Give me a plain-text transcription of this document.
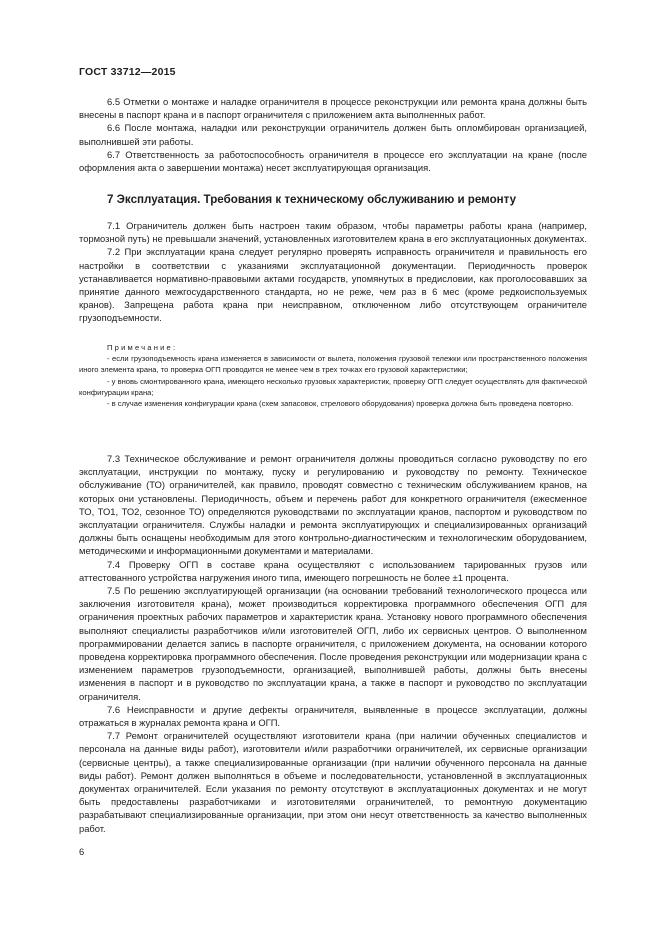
ГОСТ 33712—2015

6.5 Отметки о монтаже и наладке ограничителя в процессе реконструкции или ремонта крана должны быть внесены в паспорт крана и в паспорт ограничителя с приложением акта выполненных работ.

6.6 После монтажа, наладки или реконструкции ограничитель должен быть опломбирован организацией, выполнившей эти работы.

6.7 Ответственность за работоспособность ограничителя в процессе его эксплуатации на кране (после оформления акта о завершении монтажа) несет эксплуатирующая организация.

7 Эксплуатация. Требования к техническому обслуживанию и ремонту

7.1 Ограничитель должен быть настроен таким образом, чтобы параметры работы крана (например, тормозной путь) не превышали значений, установленных изготовителем крана в его эксплуатационных документах.

7.2 При эксплуатации крана следует регулярно проверять исправность ограничителя и правильность его настройки в соответствии с указаниями эксплуатационной документации. Периодичность проверок устанавливается нормативно-правовыми актами государств, упомянутых в предисловии, как проголосовавших за принятие данного межгосударственного стандарта, но не реже, чем раз в 6 мес (кроме редкоиспользуемых кранов). Запрещена работа крана при неисправном, отключенном либо отсутствующем ограничителе грузоподъемности.

Примечание:

- если грузоподъемность крана изменяется в зависимости от вылета, положения грузовой тележки или пространственного положения иного элемента крана, то проверка ОГП проводится не менее чем в трех точках его грузовой характеристики;

- у вновь смонтированного крана, имеющего несколько грузовых характеристик, проверку ОГП следует осуществлять для фактической конфигурации крана;

- в случае изменения конфигурации крана (схем запасовок, стрелового оборудования) проверка должна быть проведена повторно.

7.3 Техническое обслуживание и ремонт ограничителя должны проводиться согласно руководству по его эксплуатации, инструкции по монтажу, пуску и регулированию и руководству по ремонту. Техническое обслуживание (ТО) ограничителей, как правило, проводят совместно с техническим обслуживанием кранов, на которых они установлены. Периодичность, объем и перечень работ для конкретного ограничителя (ежесменное ТО, ТО1, ТО2, сезонное ТО) определяются руководствами по эксплуатации кранов, паспортом и руководством по эксплуатации ограничителя. Службы наладки и ремонта эксплуатирующих и специализированных организаций должны быть оснащены необходимым для этого контрольно-диагностическим и технологическим оборудованием, методическими и информационными документами и материалами.

7.4 Проверку ОГП в составе крана осуществляют с использованием тарированных грузов или аттестованного устройства нагружения иного типа, имеющего погрешность не более ±1 процента.

7.5 По решению эксплуатирующей организации (на основании требований технологического процесса или заключения изготовителя крана), может производиться корректировка программного обеспечения ОГП для ограничения проектных рабочих параметров и характеристик крана. Установку нового программного обеспечения выполняют специалисты разработчиков и/или изготовителей ОГП, либо их сервисных центров. О выполненном программировании делается запись в паспорте ограничителя, с приложением документа, на основании которого проведена корректировка программного обеспечения. После проведения реконструкции или модернизации крана с изменением параметров грузоподъемности, организацией, выполнившей работы, должны быть внесены изменения в паспорт и в руководство по эксплуатации крана, а также в паспорт и руководство по эксплуатации ограничителя.

7.6 Неисправности и другие дефекты ограничителя, выявленные в процессе эксплуатации, должны отражаться в журналах ремонта крана и ОГП.

7.7 Ремонт ограничителей осуществляют изготовители крана (при наличии обученных специалистов и персонала на данные виды работ), изготовители и/или разработчики ограничителей, их сервисные организации (сервисные центры), а также специализированные организации (при наличии обученного персонала на данные виды работ). Ремонт должен выполняться в объеме и последовательности, установленной в эксплуатационных документах ограничителей. Если указания по ремонту отсутствуют в эксплуатационных документах и не могут быть предоставлены разработчиками и изготовителями ограничителей, то ремонтную документацию разрабатывают специализированные организации, при этом они несут ответственность за качество выполненных работ.

6
